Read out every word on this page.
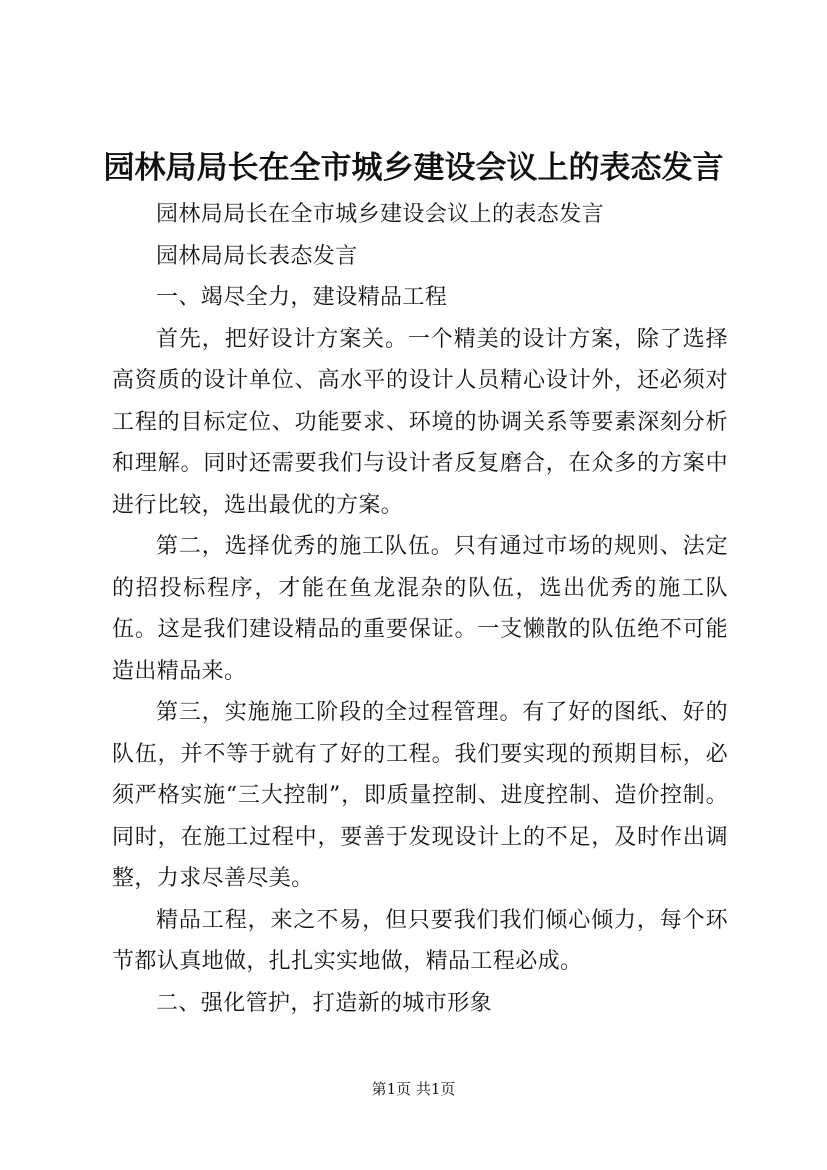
园林局局长在全市城乡建设会议上的表态发言

园林局局长在全市城乡建设会议上的表态发言

园林局局长表态发言

一、竭尽全力，建设精品工程

首先，把好设计方案关。一个精美的设计方案，除了选择高资质的设计单位、高水平的设计人员精心设计外，还必须对工程的目标定位、功能要求、环境的协调关系等要素深刻分析和理解。同时还需要我们与设计者反复磨合，在众多的方案中进行比较，选出最优的方案。

第二，选择优秀的施工队伍。只有通过市场的规则、法定的招投标程序，才能在鱼龙混杂的队伍，选出优秀的施工队伍。这是我们建设精品的重要保证。一支懒散的队伍绝不可能造出精品来。

第三，实施施工阶段的全过程管理。有了好的图纸、好的队伍，并不等于就有了好的工程。我们要实现的预期目标，必须严格实施“三大控制”，即质量控制、进度控制、造价控制。同时，在施工过程中，要善于发现设计上的不足，及时作出调整，力求尽善尽美。

精品工程，来之不易，但只要我们我们倾心倾力，每个环节都认真地做，扎扎实实地做，精品工程必成。

二、强化管护，打造新的城市形象

第1页 共1页
